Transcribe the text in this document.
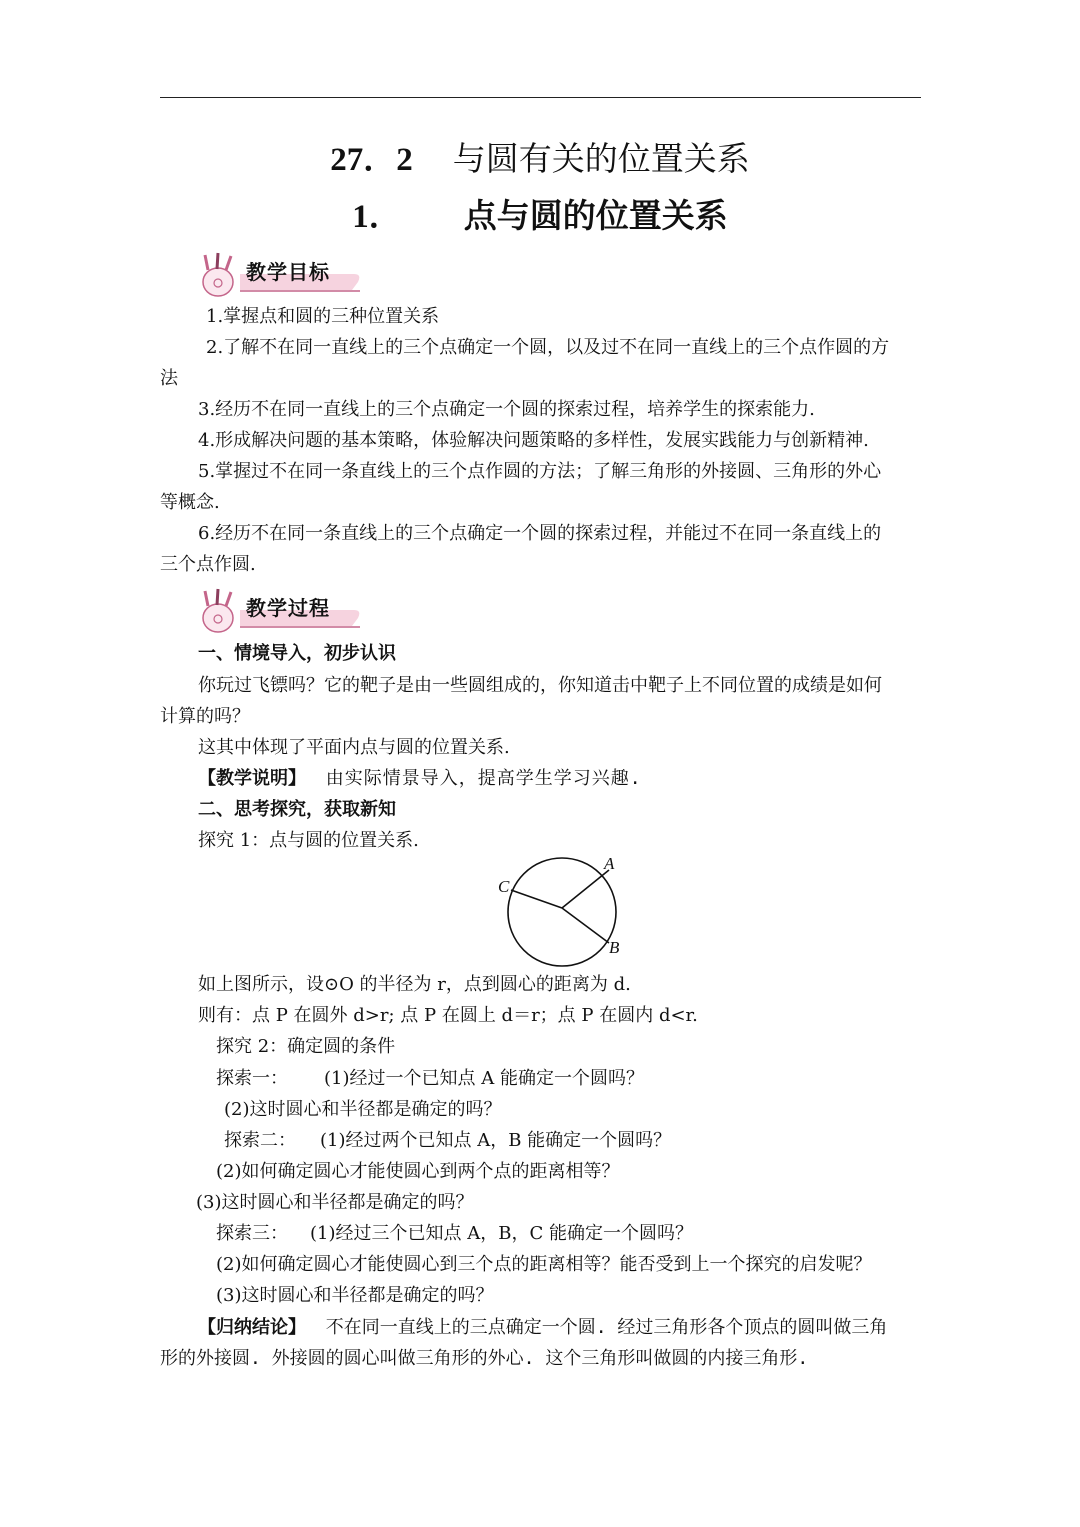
27．2 与圆有关的位置关系
1． 点与圆的位置关系
教学目标
1.掌握点和圆的三种位置关系
2.了解不在同一直线上的三个点确定一个圆，以及过不在同一直线上的三个点作圆的方
法
3.经历不在同一直线上的三个点确定一个圆的探索过程，培养学生的探索能力.
4.形成解决问题的基本策略，体验解决问题策略的多样性，发展实践能力与创新精神.
5.掌握过不在同一条直线上的三个点作圆的方法；了解三角形的外接圆、三角形的外心
等概念.
6.经历不在同一条直线上的三个点确定一个圆的探索过程，并能过不在同一条直线上的
三个点作圆.
教学过程
一、情境导入，初步认识
你玩过飞镖吗？它的靶子是由一些圆组成的，你知道击中靶子上不同位置的成绩是如何
计算的吗？
这其中体现了平面内点与圆的位置关系.
【教学说明】 由实际情景导入，提高学生学习兴趣.
二、思考探究，获取新知
探究 1：点与圆的位置关系.
A
B
C
如上图所示，设⊙O 的半径为 r，点到圆心的距离为 d.
则有：点 P 在圆外 d>r; 点 P 在圆上 d＝r；点 P 在圆内 d<r.
探究 2：确定圆的条件
探索一： (1)经过一个已知点 A 能确定一个圆吗？
(2)这时圆心和半径都是确定的吗？
探索二： (1)经过两个已知点 A，B 能确定一个圆吗？
(2)如何确定圆心才能使圆心到两个点的距离相等？
(3)这时圆心和半径都是确定的吗？
探索三： (1)经过三个已知点 A，B，C 能确定一个圆吗？
(2)如何确定圆心才能使圆心到三个点的距离相等？能否受到上一个探究的启发呢？
(3)这时圆心和半径都是确定的吗？
【归纳结论】 不在同一直线上的三点确定一个圆. 经过三角形各个顶点的圆叫做三角
形的外接圆. 外接圆的圆心叫做三角形的外心. 这个三角形叫做圆的内接三角形.
